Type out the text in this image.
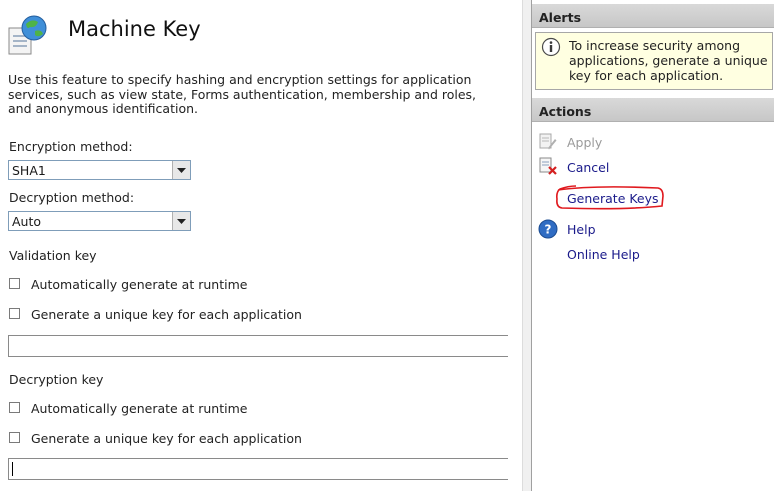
Machine Key
Use this feature to specify hashing and encryption settings for application services, such as view state, Forms authentication, membership and roles, and anonymous identification.
Encryption method:
SHA1
Decryption method:
Auto
Validation key
Automatically generate at runtime
Generate a unique key for each application
Decryption key
Automatically generate at runtime
Generate a unique key for each application
Alerts
To increase security among applications, generate a unique key for each application.
Actions
Apply
Cancel
Generate Keys
? Help
Online Help
